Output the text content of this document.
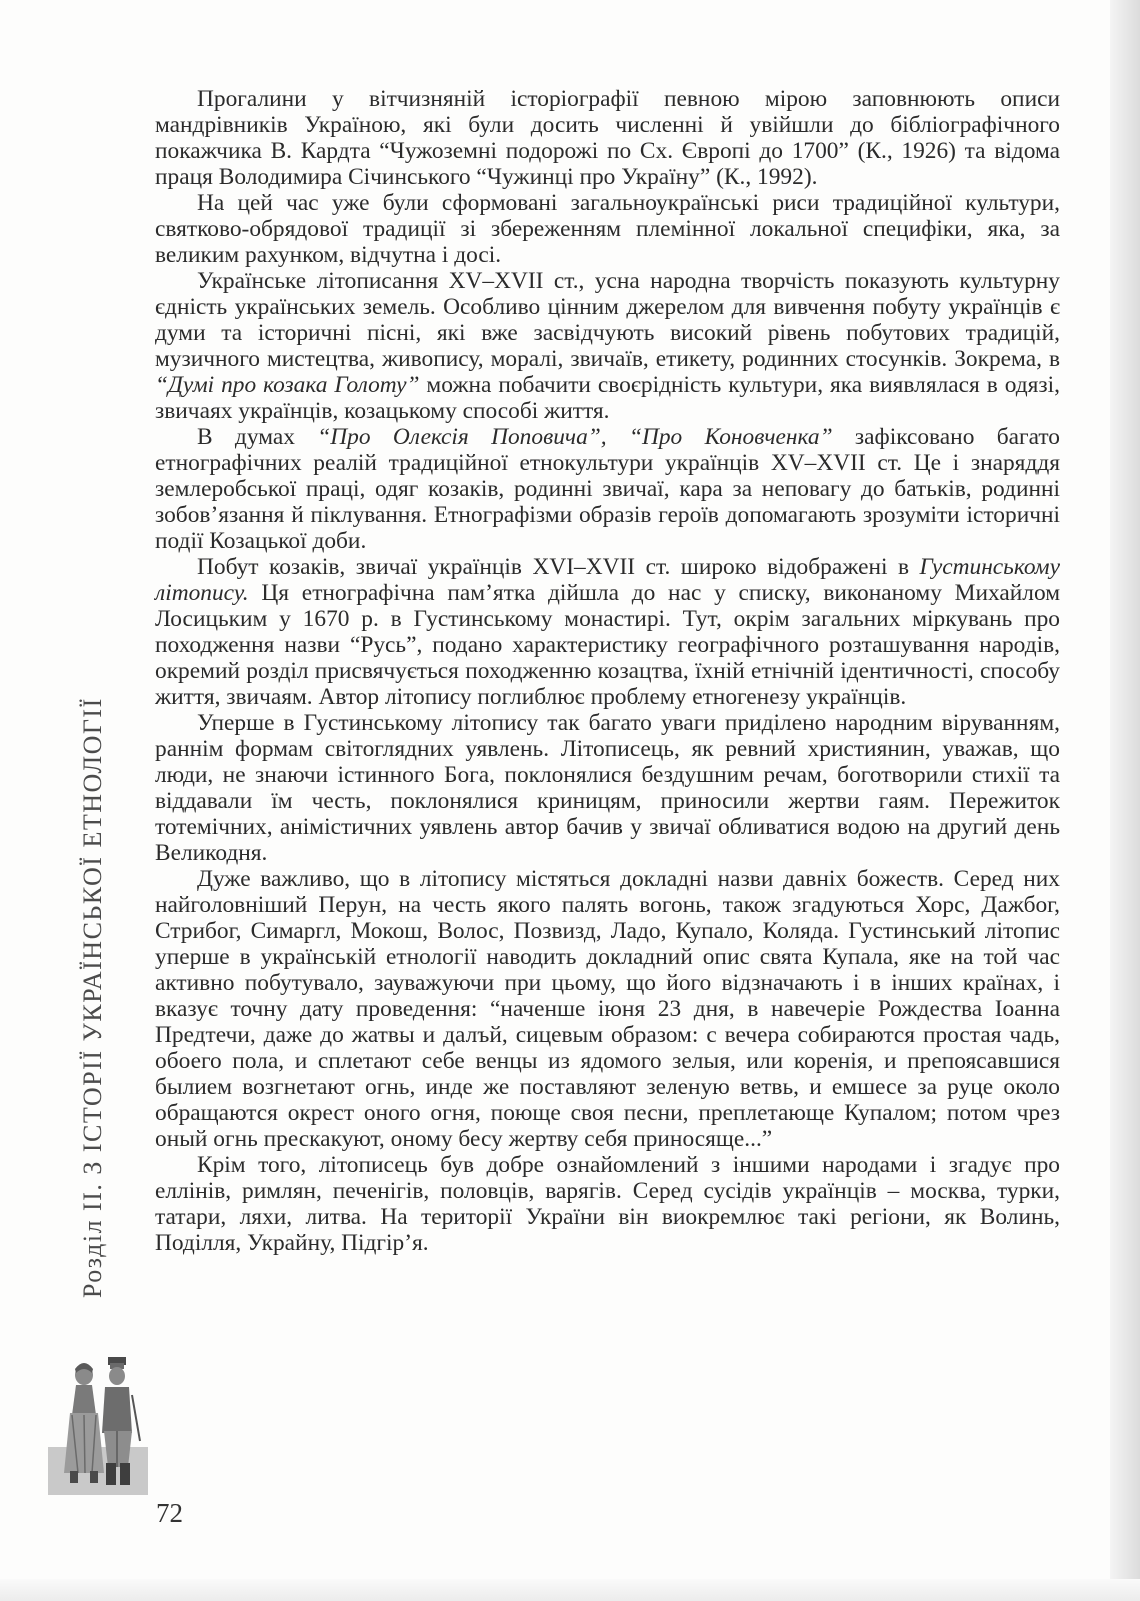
Розділ ІІ. З ІСТОРІЇ УКРАЇНСЬКОЇ ЕТНОЛОГІЇ

Прогалини у вітчизняній історіографії певною мірою заповнюють описи мандрівників Україною, які були досить численні й увійшли до бібліографічного покажчика В. Кардта “Чужоземні подорожі по Сх. Європі до 1700” (К., 1926) та відома праця Володимира Січинського “Чужинці про Україну” (К., 1992).

На цей час уже були сформовані загальноукраїнські риси традиційної культури, святково-обрядової традиції зі збереженням племінної локальної специфіки, яка, за великим рахунком, відчутна і досі.

Українське літописання XV–XVII ст., усна народна творчість показують культурну єдність українських земель. Особливо цінним джерелом для вивчення побуту українців є думи та історичні пісні, які вже засвідчують високий рівень побутових традицій, музичного мистецтва, живопису, моралі, звичаїв, етикету, родинних стосунків. Зокрема, в “Думі про козака Голоту” можна побачити своєрідність культури, яка виявлялася в одязі, звичаях українців, козацькому способі життя.

В думах “Про Олексія Поповича”, “Про Коновченка” зафіксовано багато етнографічних реалій традиційної етнокультури українців XV–XVII ст. Це і знаряддя землеробської праці, одяг козаків, родинні звичаї, кара за неповагу до батьків, родинні зобов’язання й піклування. Етнографізми образів героїв допомагають зрозуміти історичні події Козацької доби.

Побут козаків, звичаї українців XVI–XVII ст. широко відображені в Густинському літопису. Ця етнографічна пам’ятка дійшла до нас у списку, виконаному Михайлом Лосицьким у 1670 р. в Густинському монастирі. Тут, окрім загальних міркувань про походження назви “Русь”, подано характеристику географічного розташування народів, окремий розділ присвячується походженню козацтва, їхній етнічній ідентичності, способу життя, звичаям. Автор літопису поглиблює проблему етногенезу українців.

Уперше в Густинському літопису так багато уваги приділено народним віруванням, раннім формам світоглядних уявлень. Літописець, як ревний християнин, уважав, що люди, не знаючи істинного Бога, поклонялися бездушним речам, боготворили стихії та віддавали їм честь, поклонялися криницям, приносили жертви гаям. Пережиток тотемічних, анімістичних уявлень автор бачив у звичаї обливатися водою на другий день Великодня.

Дуже важливо, що в літопису містяться докладні назви давніх божеств. Серед них найголовніший Перун, на честь якого палять вогонь, також згадуються Хорс, Дажбог, Стрибог, Симаргл, Мокош, Волос, Позвизд, Ладо, Купало, Коляда. Густинський літопис уперше в українській етнології наводить докладний опис свята Купала, яке на той час активно побутувало, зауважуючи при цьому, що його відзначають і в інших країнах, і вказує точну дату проведення: “наченше іюня 23 дня, в навечеріе Рождества Іоанна Предтечи, даже до жатвы и далъй, сицевым образом: с вечера собираются простая чадь, обоего пола, и сплетают себе венцы из ядомого зелыя, или коренія, и препоясавшися былием возгнетают огнь, инде же поставляют зеленую ветвь, и емшесе за руце около обращаются окрест оного огня, поюще своя песни, преплетающе Купалом; потом чрез оный огнь прескакуют, оному бесу жертву себя приносяще...”

Крім того, літописець був добре ознайомлений з іншими народами і згадує про еллінів, римлян, печенігів, половців, варягів. Серед сусідів українців – москва, турки, татари, ляхи, литва. На території України він виокремлює такі регіони, як Волинь, Поділля, Украйну, Підгір’я.

72
